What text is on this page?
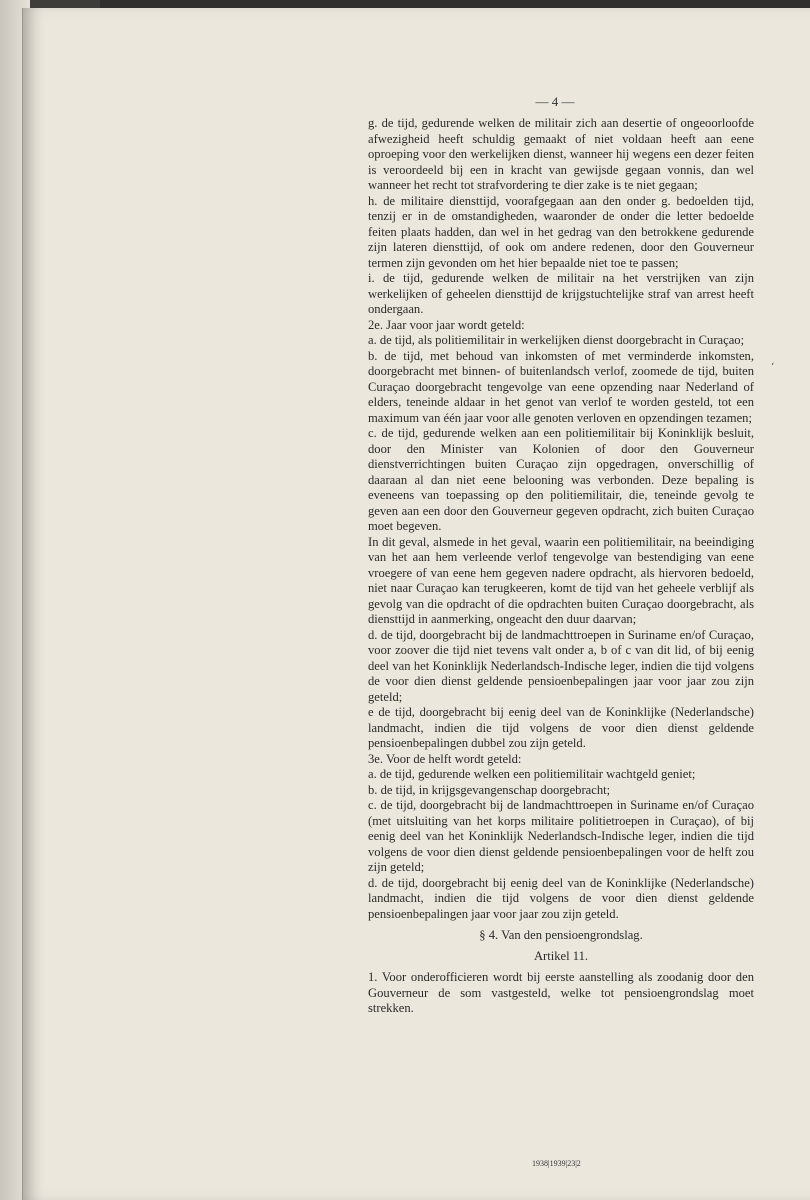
— 4 —
‘

g. de tijd, gedurende welken de militair zich aan desertie of ongeoorloofde afwezigheid heeft schuldig gemaakt of niet voldaan heeft aan eene oproeping voor den werkelijken dienst, wanneer hij wegens een dezer feiten is veroordeeld bij een in kracht van gewijsde gegaan vonnis, dan wel wanneer het recht tot strafvordering te dier zake is te niet gegaan;

h. de militaire diensttijd, voorafgegaan aan den onder g. bedoelden tijd, tenzij er in de omstandigheden, waaronder de onder die letter bedoelde feiten plaats hadden, dan wel in het gedrag van den betrokkene gedurende zijn lateren diensttijd, of ook om andere redenen, door den Gouverneur termen zijn gevonden om het hier bepaalde niet toe te passen;

i. de tijd, gedurende welken de militair na het verstrijken van zijn werkelijken of geheelen diensttijd de krijgstuchtelijke straf van arrest heeft ondergaan.

2e. Jaar voor jaar wordt geteld:

a. de tijd, als politiemilitair in werkelijken dienst doorgebracht in Curaçao;

b. de tijd, met behoud van inkomsten of met verminderde inkomsten, doorgebracht met binnen- of buitenlandsch verlof, zoomede de tijd, buiten Curaçao doorgebracht tengevolge van eene opzending naar Nederland of elders, teneinde aldaar in het genot van verlof te worden gesteld, tot een maximum van één jaar voor alle genoten verloven en opzendingen tezamen;

c. de tijd, gedurende welken aan een politiemilitair bij Koninklijk besluit, door den Minister van Kolonien of door den Gouverneur dienstverrichtingen buiten Curaçao zijn opgedragen, onverschillig of daaraan al dan niet eene belooning was verbonden. Deze bepaling is eveneens van toepassing op den politiemilitair, die, teneinde gevolg te geven aan een door den Gouverneur gegeven opdracht, zich buiten Curaçao moet begeven.

In dit geval, alsmede in het geval, waarin een politiemilitair, na beeindiging van het aan hem verleende verlof tengevolge van bestendiging van eene vroegere of van eene hem gegeven nadere opdracht, als hiervoren bedoeld, niet naar Curaçao kan terugkeeren, komt de tijd van het geheele verblijf als gevolg van die opdracht of die opdrachten buiten Curaçao doorgebracht, als diensttijd in aanmerking, ongeacht den duur daarvan;

d. de tijd, doorgebracht bij de landmachttroepen in Suriname en/of Curaçao, voor zoover die tijd niet tevens valt onder a, b of c van dit lid, of bij eenig deel van het Koninklijk Nederlandsch-Indische leger, indien die tijd volgens de voor dien dienst geldende pensioenbepalingen jaar voor jaar zou zijn geteld;

e de tijd, doorgebracht bij eenig deel van de Koninklijke (Nederlandsche) landmacht, indien die tijd volgens de voor dien dienst geldende pensioenbepalingen dubbel zou zijn geteld.

3e. Voor de helft wordt geteld:

a. de tijd, gedurende welken een politiemilitair wachtgeld geniet;

b. de tijd, in krijgsgevangenschap doorgebracht;

c. de tijd, doorgebracht bij de landmachttroepen in Suriname en/of Curaçao (met uitsluiting van het korps militaire politietroepen in Curaçao), of bij eenig deel van het Koninklijk Nederlandsch-Indische leger, indien die tijd volgens de voor dien dienst geldende pensioenbepalingen voor de helft zou zijn geteld;

d. de tijd, doorgebracht bij eenig deel van de Koninklijke (Nederlandsche) landmacht, indien die tijd volgens de voor dien dienst geldende pensioenbepalingen jaar voor jaar zou zijn geteld.

§ 4. Van den pensioengrondslag.

Artikel 11.

1. Voor onderofficieren wordt bij eerste aanstelling als zoodanig door den Gouverneur de som vastgesteld, welke tot pensioengrondslag moet strekken.

1938|1939|23|2
